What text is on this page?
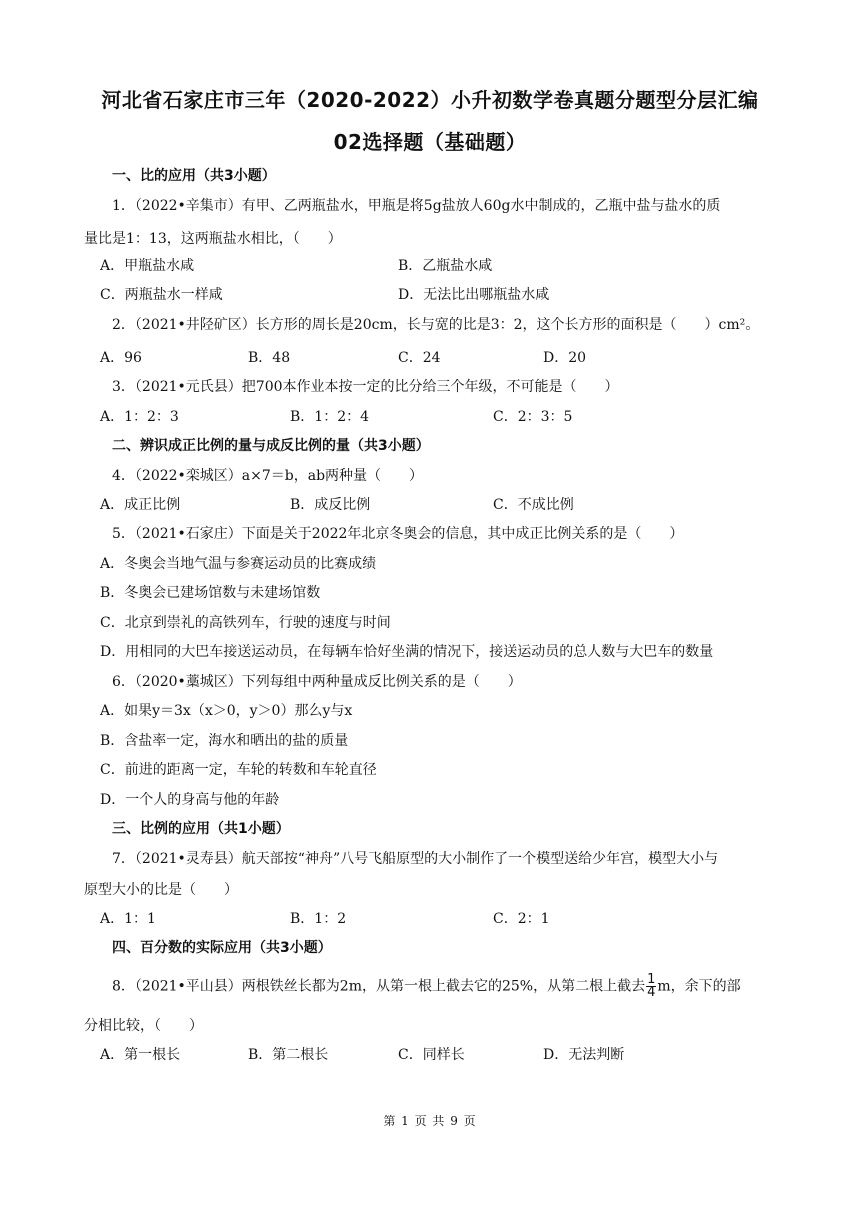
河北省石家庄市三年（2020-2022）小升初数学卷真题分题型分层汇编
02选择题（基础题）
一、比的应用（共3小题）
1．（2022•辛集市）有甲、乙两瓶盐水，甲瓶是将5g盐放人60g水中制成的，乙瓶中盐与盐水的质
量比是1：13，这两瓶盐水相比，（　　）
A．甲瓶盐水咸	B．乙瓶盐水咸
C．两瓶盐水一样咸	D．无法比出哪瓶盐水咸
2．（2021•井陉矿区）长方形的周长是20cm，长与宽的比是3：2，这个长方形的面积是（　　）cm²。
A．96	B．48	C．24	D．20
3．（2021•元氏县）把700本作业本按一定的比分给三个年级，不可能是（　　）
A．1：2：3	B．1：2：4	C．2：3：5
二、辨识成正比例的量与成反比例的量（共3小题）
4．（2022•栾城区）a×7＝b，ab两种量（　　）
A．成正比例	B．成反比例	C．不成比例
5．（2021•石家庄）下面是关于2022年北京冬奥会的信息，其中成正比例关系的是（　　）
A．冬奥会当地气温与参赛运动员的比赛成绩
B．冬奥会已建场馆数与未建场馆数
C．北京到崇礼的高铁列车，行驶的速度与时间
D．用相同的大巴车接送运动员，在每辆车恰好坐满的情况下，接送运动员的总人数与大巴车的数量
6．（2020•藁城区）下列每组中两种量成反比例关系的是（　　）
A．如果y＝3x（x＞0，y＞0）那么y与x
B．含盐率一定，海水和晒出的盐的质量
C．前进的距离一定，车轮的转数和车轮直径
D．一个人的身高与他的年龄
三、比例的应用（共1小题）
7．（2021•灵寿县）航天部按“神舟”八号飞船原型的大小制作了一个模型送给少年宫，模型大小与
原型大小的比是（　　）
A．1：1	B．1：2	C．2：1
四、百分数的实际应用（共3小题）
8．（2021•平山县）两根铁丝长都为2m，从第一根上截去它的25%，从第二根上截去 $\frac{1}{4}$ m，余下的部
分相比较，（　　）
A．第一根长	B．第二根长	C．同样长	D．无法判断
第 1 页 共 9 页
